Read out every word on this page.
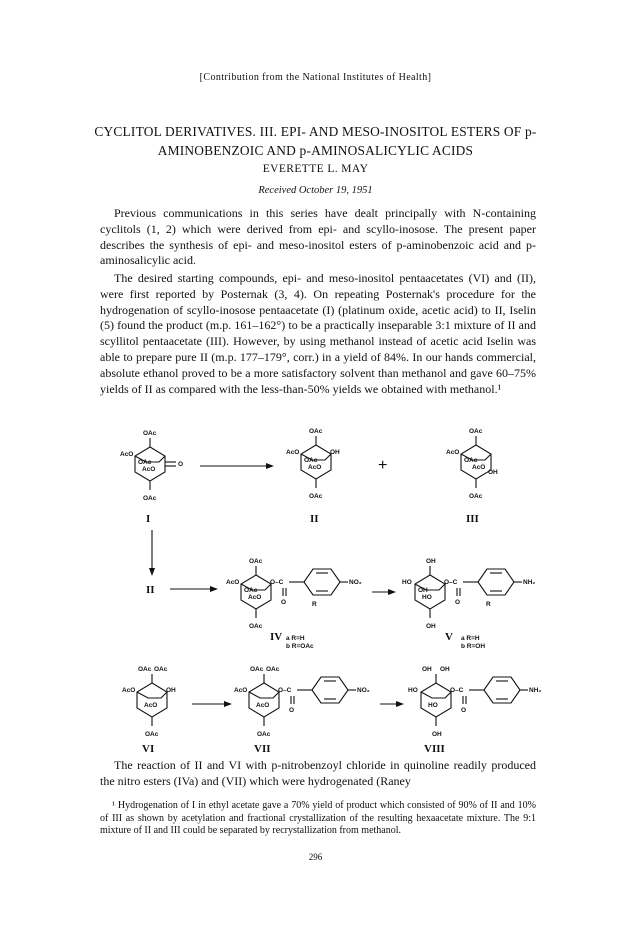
[Contribution from the National Institutes of Health]

CYCLITOL DERIVATIVES. III. EPI- AND MESO-INOSITOL ESTERS OF p-AMINOBENZOIC AND p-AMINOSALICYLIC ACIDS

EVERETTE L. MAY

Received October 19, 1951

Previous communications in this series have dealt principally with N-containing cyclitols (1, 2) which were derived from epi- and scyllo-inosose. The present paper describes the synthesis of epi- and meso-inositol esters of p-aminobenzoic acid and p-aminosalicylic acid.

The desired starting compounds, epi- and meso-inositol pentaacetates (VI) and (II), were first reported by Posternak (3, 4). On repeating Posternak's procedure for the hydrogenation of scyllo-inosose pentaacetate (I) (platinum oxide, acetic acid) to II, Iselin (5) found the product (m.p. 161–162°) to be a practically inseparable 3:1 mixture of II and scyllitol pentaacetate (III). However, by using methanol instead of acetic acid Iselin was able to prepare pure II (m.p. 177–179°, corr.) in a yield of 84%. In our hands commercial, absolute ethanol proved to be a more satisfactory solvent than methanol and gave 60–75% yields of II as compared with the less-than-50% yields we obtained with methanol.¹

OAc
AcO
OAc
AcO
O
OAc
I
OAc
AcO	OH
OAc
AcO
OAc
II
+
OAc
AcO
OAc
AcO
OH
OAc
III
II
OAc
AcO
OAc
AcO
OAc
O–C
O
NO₂
R
IV a R=H
b R=OAc
OH
HO
OH
HO
OH
O–C
O
NH₂
R
V a R=H
b R=OH
OAc OAc
AcO	OH
AcO
OAc
VI
OAc OAc
AcO
AcO
OAc
O–C
O
NO₂
VII
OH OH
HO
HO
OH
O–C
O
NH₂
VIII

The reaction of II and VI with p-nitrobenzoyl chloride in quinoline readily produced the nitro esters (IVa) and (VII) which were hydrogenated (Raney

¹ Hydrogenation of I in ethyl acetate gave a 70% yield of product which consisted of 90% of II and 10% of III as shown by acetylation and fractional crystallization of the resulting hexaacetate mixture. The 9:1 mixture of II and III could be separated by recrystallization from methanol.

296
